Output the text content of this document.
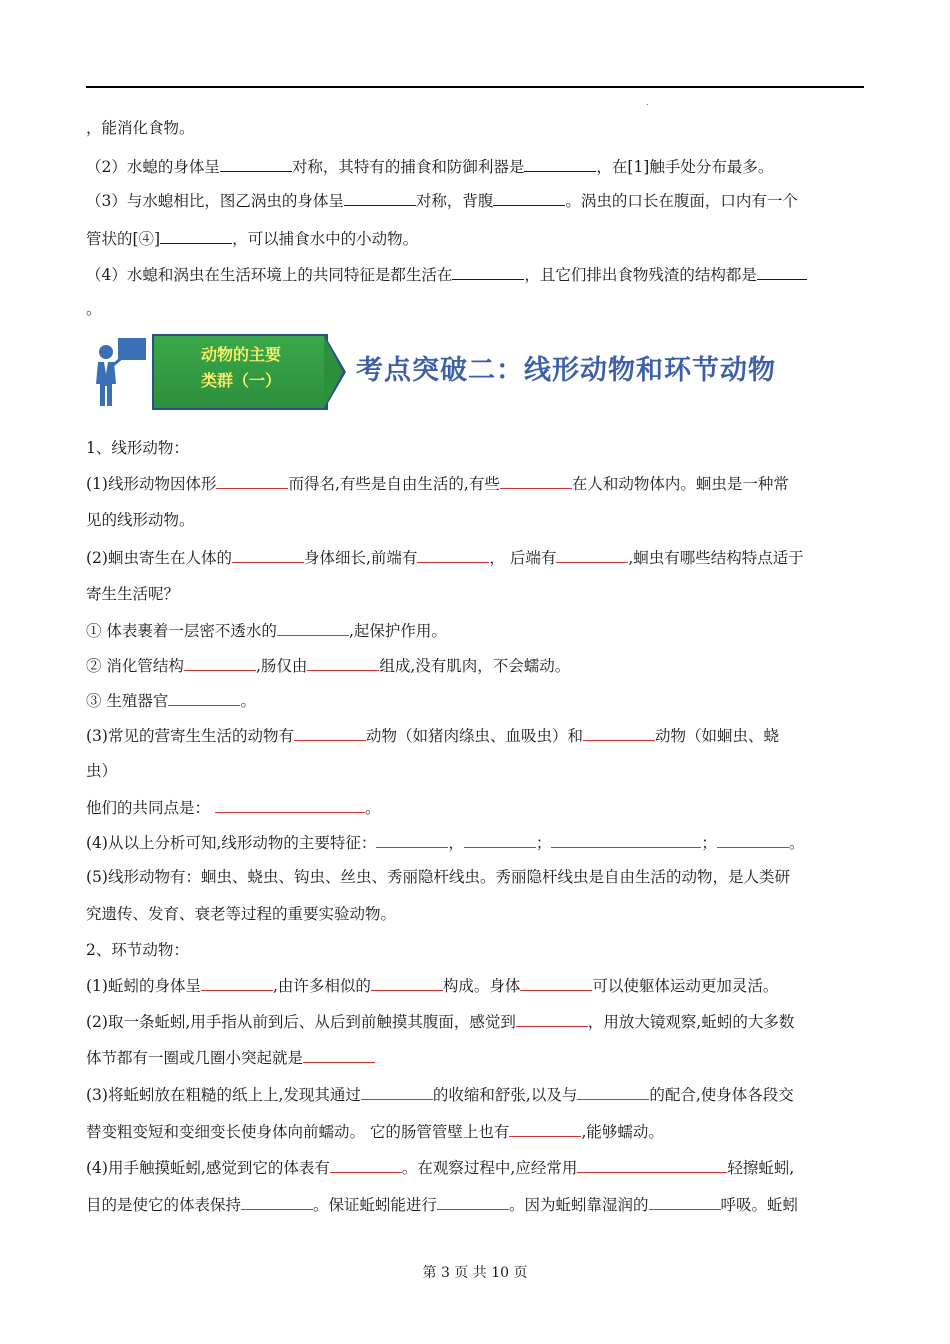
.
，能消化食物。
（2）水螅的身体呈	对称，其特有的捕食和防御利器是	，在[1]触手处分布最多。
（3）与水螅相比，图乙涡虫的身体呈	对称，背腹	。涡虫的口长在腹面，口内有一个
管状的[④]	，可以捕食水中的小动物。
（4）水螅和涡虫在生活环境上的共同特征是都生活在	，且它们排出食物残渣的结构都是
。
动物的主要
类群（一）	考点突破二：线形动物和环节动物
1、线形动物：
(1)线形动物因体形	而得名,有些是自由生活的,有些	在人和动物体内。蛔虫是一种常
见的线形动物。
(2)蛔虫寄生在人体的	身体细长,前端有	， 后端有	,蛔虫有哪些结构特点适于
寄生生活呢？
① 体表裹着一层密不透水的	,起保护作用。
② 消化管结构	,肠仅由	组成,没有肌肉，不会蠕动。
③ 生殖器官	。
(3)常见的营寄生生活的动物有	动物（如猪肉绦虫、血吸虫）和	动物（如蛔虫、蛲
虫）
他们的共同点是：	。
(4)从以上分析可知,线形动物的主要特征：	，	；	；	。
(5)线形动物有：蛔虫、蛲虫、钩虫、丝虫、秀丽隐杆线虫。秀丽隐杆线虫是自由生活的动物，是人类研
究遗传、发育、衰老等过程的重要实验动物。
2、环节动物：
(1)蚯蚓的身体呈	,由许多相似的	构成。身体	可以使躯体运动更加灵活。
(2)取一条蚯蚓,用手指从前到后、从后到前触摸其腹面，感觉到	，用放大镜观察,蚯蚓的大多数
体节都有一圈或几圈小突起就是
(3)将蚯蚓放在粗糙的纸上上,发现其通过	的收缩和舒张,以及与	的配合,使身体各段交
替变粗变短和变细变长使身体向前蠕动。 它的肠管管壁上也有	,能够蠕动。
(4)用手触摸蚯蚓,感觉到它的体表有	。在观察过程中,应经常用	轻擦蚯蚓,
目的是使它的体表保持	。保证蚯蚓能进行	。因为蚯蚓靠湿润的	呼吸。蚯蚓
第 3 页 共 10 页
